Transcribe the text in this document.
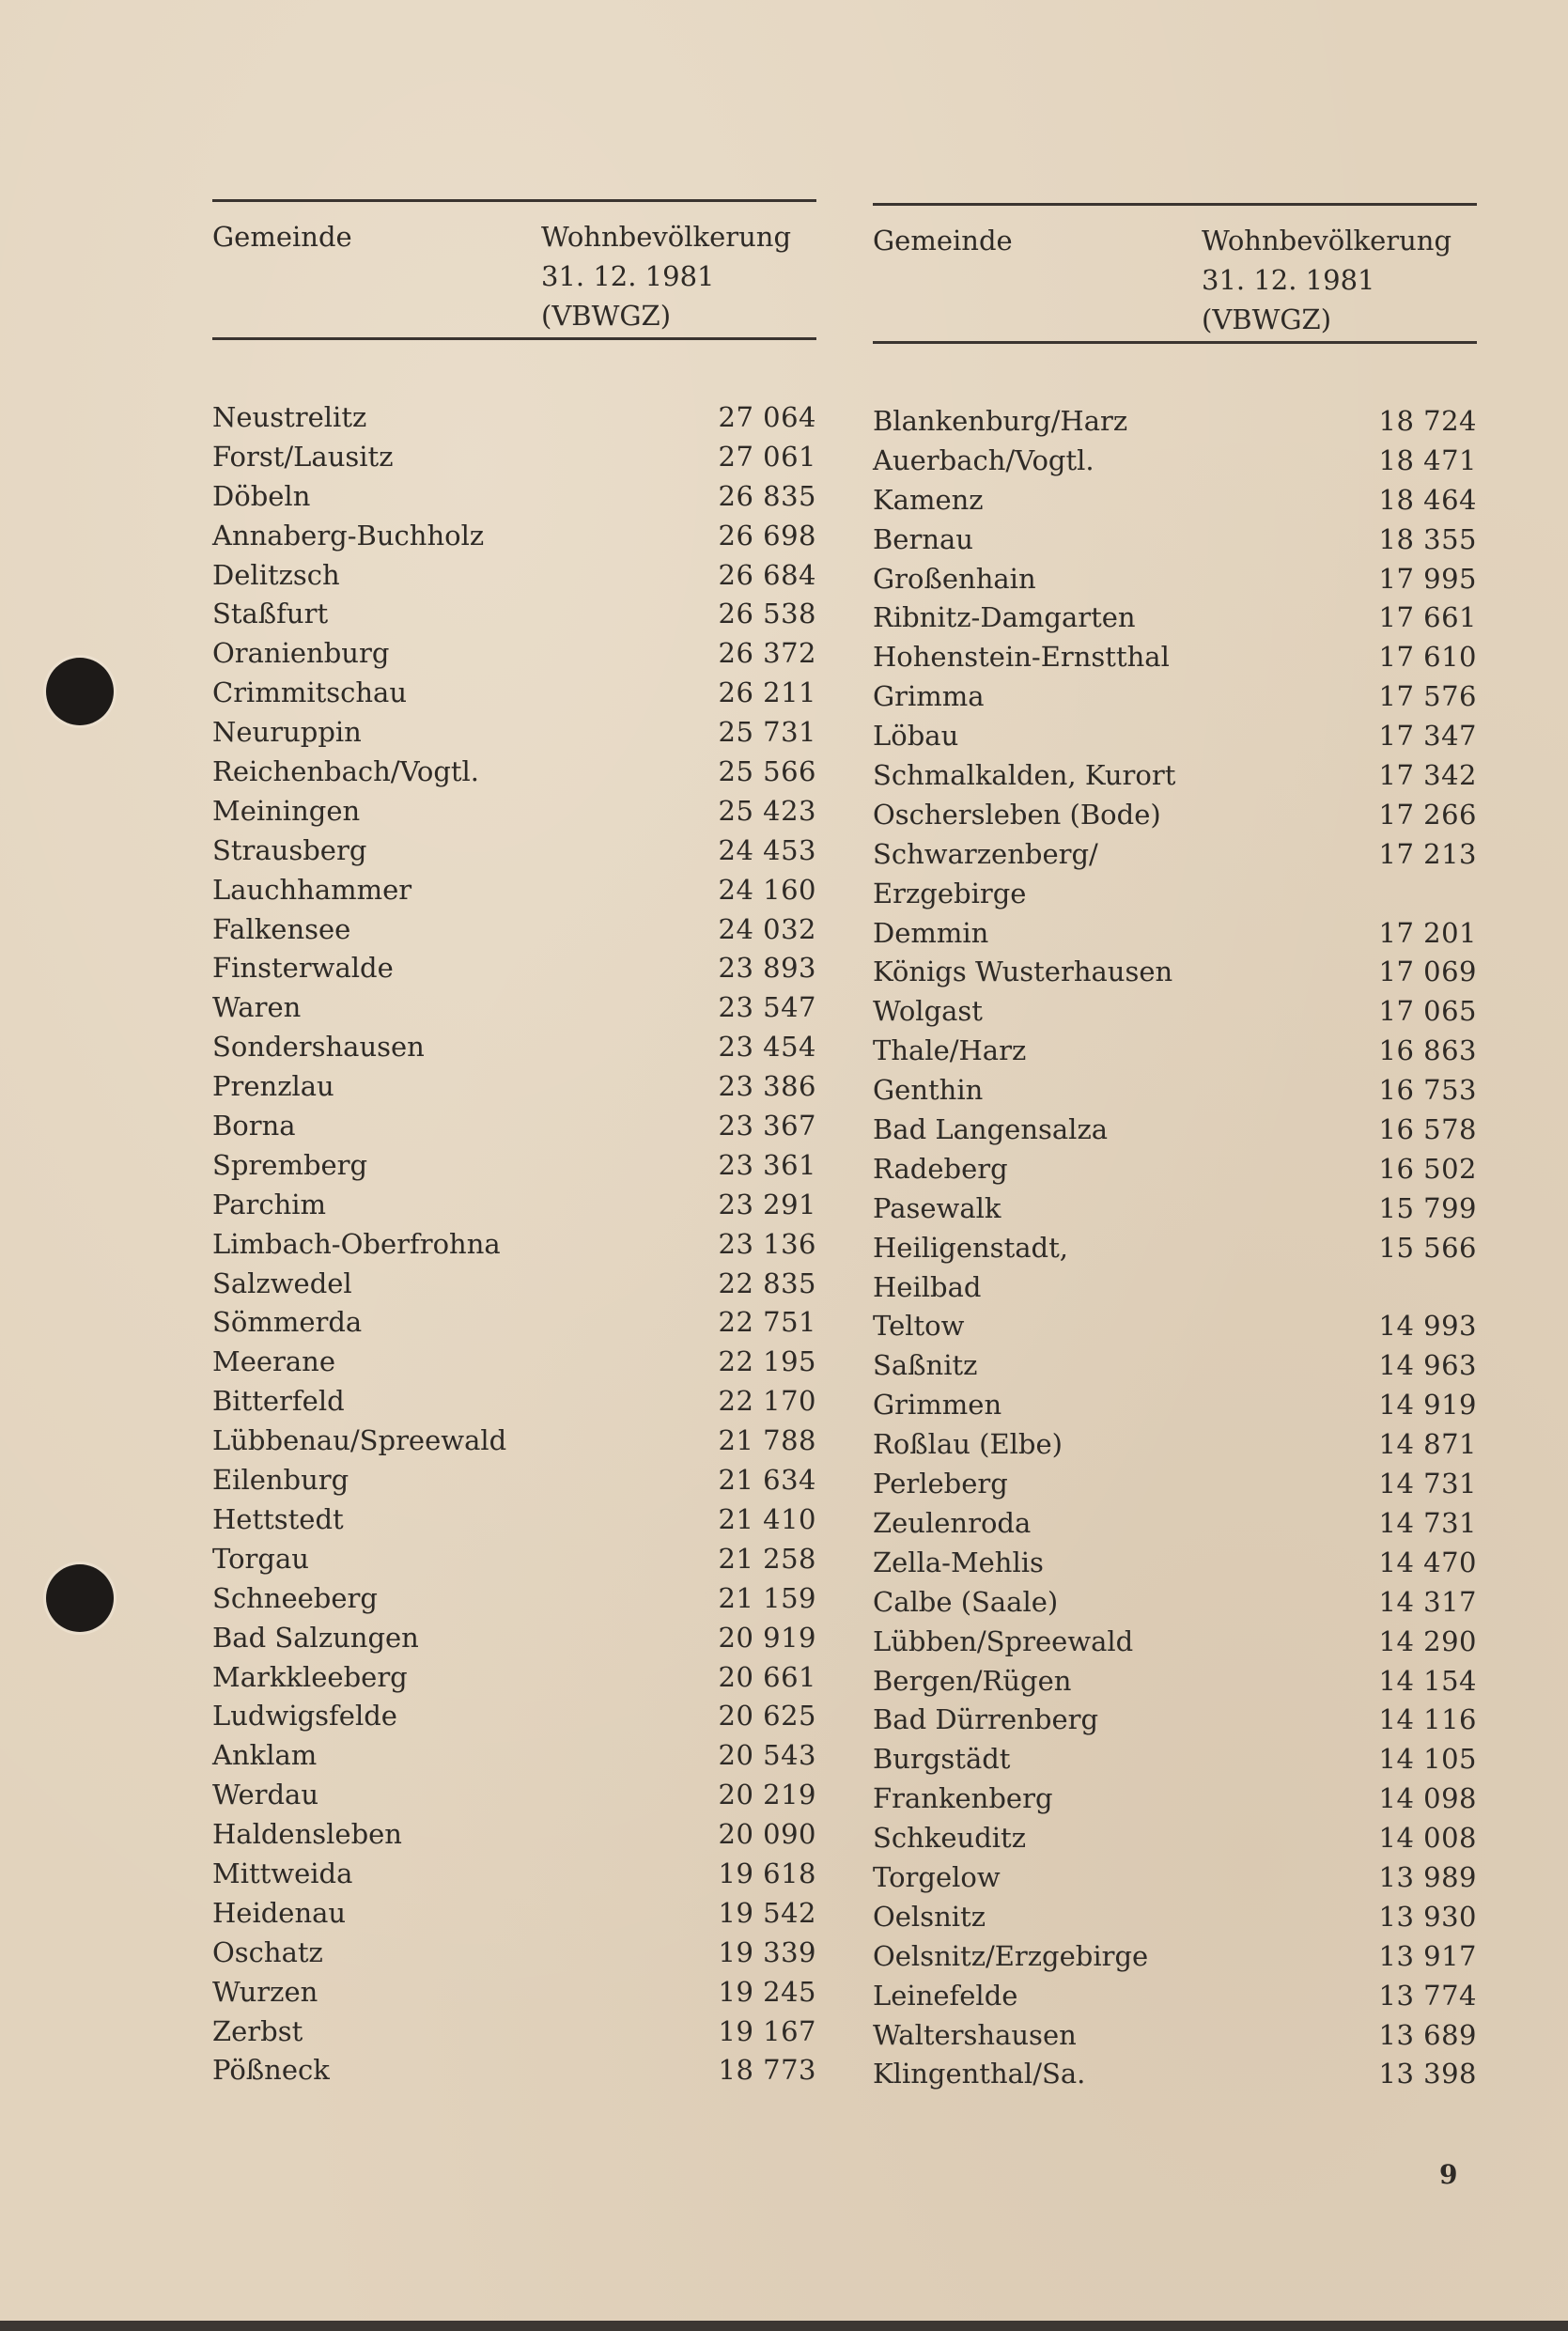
Gemeinde	Wohnbevölkerung
31. 12. 1981
(VBWGZ)
Neustrelitz	27 064
Forst/Lausitz	27 061
Döbeln	26 835
Annaberg-Buchholz	26 698
Delitzsch	26 684
Staßfurt	26 538
Oranienburg	26 372
Crimmitschau	26 211
Neuruppin	25 731
Reichenbach/Vogtl.	25 566
Meiningen	25 423
Strausberg	24 453
Lauchhammer	24 160
Falkensee	24 032
Finsterwalde	23 893
Waren	23 547
Sondershausen	23 454
Prenzlau	23 386
Borna	23 367
Spremberg	23 361
Parchim	23 291
Limbach-Oberfrohna	23 136
Salzwedel	22 835
Sömmerda	22 751
Meerane	22 195
Bitterfeld	22 170
Lübbenau/Spreewald	21 788
Eilenburg	21 634
Hettstedt	21 410
Torgau	21 258
Schneeberg	21 159
Bad Salzungen	20 919
Markkleeberg	20 661
Ludwigsfelde	20 625
Anklam	20 543
Werdau	20 219
Haldensleben	20 090
Mittweida	19 618
Heidenau	19 542
Oschatz	19 339
Wurzen	19 245
Zerbst	19 167
Pößneck	18 773
Gemeinde	Wohnbevölkerung
31. 12. 1981
(VBWGZ)
Blankenburg/Harz	18 724
Auerbach/Vogtl.	18 471
Kamenz	18 464
Bernau	18 355
Großenhain	17 995
Ribnitz-Damgarten	17 661
Hohenstein-Ernstthal	17 610
Grimma	17 576
Löbau	17 347
Schmalkalden, Kurort	17 342
Oschersleben (Bode)	17 266
Schwarzenberg/	17 213
Erzgebirge
Demmin	17 201
Königs Wusterhausen	17 069
Wolgast	17 065
Thale/Harz	16 863
Genthin	16 753
Bad Langensalza	16 578
Radeberg	16 502
Pasewalk	15 799
Heiligenstadt,	15 566
Heilbad
Teltow	14 993
Saßnitz	14 963
Grimmen	14 919
Roßlau (Elbe)	14 871
Perleberg	14 731
Zeulenroda	14 731
Zella-Mehlis	14 470
Calbe (Saale)	14 317
Lübben/Spreewald	14 290
Bergen/Rügen	14 154
Bad Dürrenberg	14 116
Burgstädt	14 105
Frankenberg	14 098
Schkeuditz	14 008
Torgelow	13 989
Oelsnitz	13 930
Oelsnitz/Erzgebirge	13 917
Leinefelde	13 774
Waltershausen	13 689
Klingenthal/Sa.	13 398
9
